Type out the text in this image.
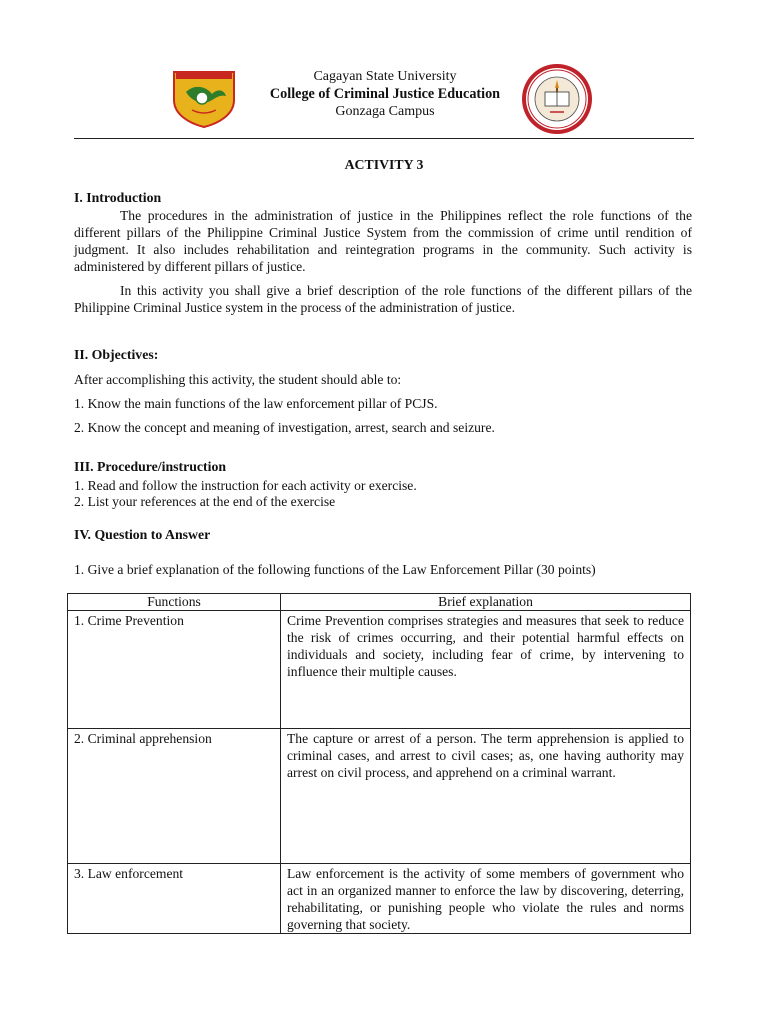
Cagayan State University
College of Criminal Justice Education
Gonzaga Campus
ACTIVITY 3
I. Introduction
The procedures in the administration of justice in the Philippines reflect the role functions of the different pillars of the Philippine Criminal Justice System from the commission of crime until rendition of judgment. It also includes rehabilitation and reintegration programs in the community. Such activity is administered by different pillars of justice.
In this activity you shall give a brief description of the role functions of the different pillars of the Philippine Criminal Justice system in the process of the administration of justice.
II. Objectives:
After accomplishing this activity, the student should able to:
1. Know the main functions of the law enforcement pillar of PCJS.
2. Know the concept and meaning of investigation, arrest, search and seizure.
III. Procedure/instruction
1. Read and follow the instruction for each activity or exercise.
2. List your references at the end of the exercise
IV. Question to Answer
1. Give a brief explanation of the following functions of the Law Enforcement Pillar (30 points)
Functions	Brief explanation
1. Crime Prevention	Crime Prevention comprises strategies and measures that seek to reduce the risk of crimes occurring, and their potential harmful effects on individuals and society, including fear of crime, by intervening to influence their multiple causes.
2. Criminal apprehension	The capture or arrest of a person. The term apprehension is applied to criminal cases, and arrest to civil cases; as, one having authority may arrest on civil process, and apprehend on a criminal warrant.
3. Law enforcement	Law enforcement is the activity of some members of government who act in an organized manner to enforce the law by discovering, deterring, rehabilitating, or punishing people who violate the rules and norms governing that society.
